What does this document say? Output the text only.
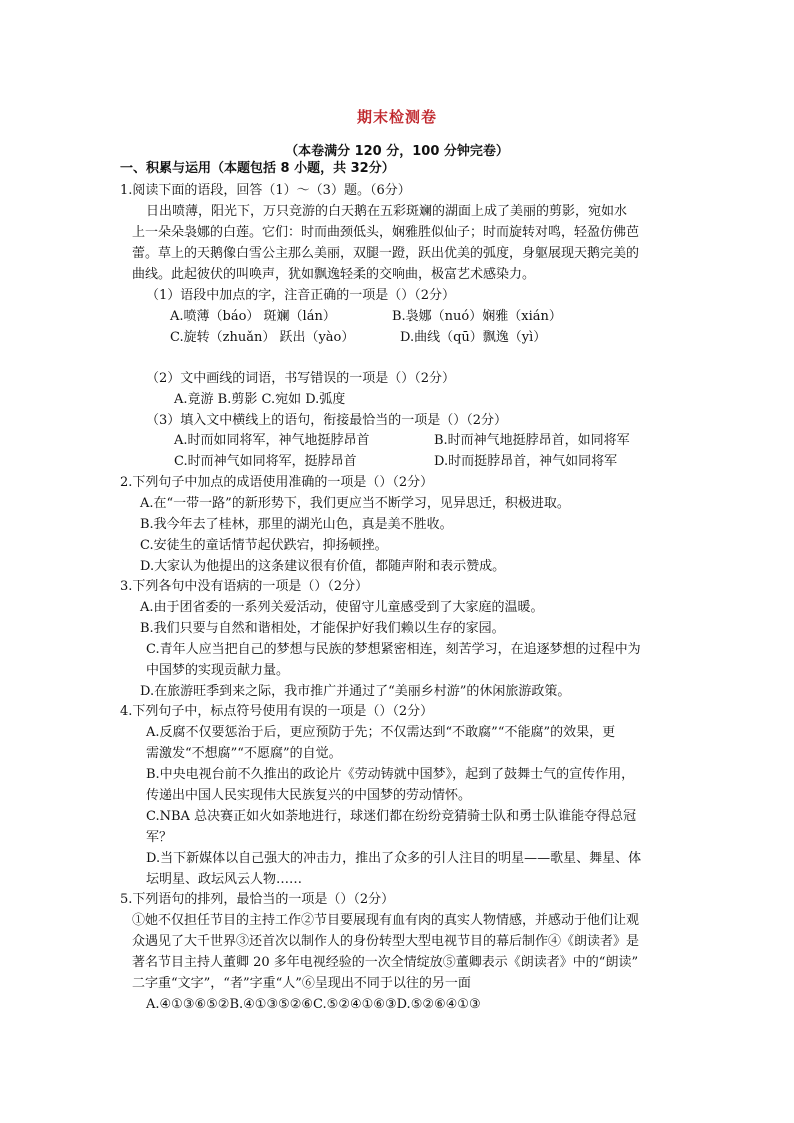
期末检测卷
（本卷满分 120 分，100 分钟完卷）
一、积累与运用（本题包括 8 小题，共 32分）
1.阅读下面的语段，回答（1）～（3）题。（6分）
日出喷薄，阳光下，万只竞游的白天鹅在五彩斑斓的湖面上成了美丽的剪影，宛如水
上一朵朵袅娜的白莲。它们：时而曲颈低头，娴雅胜似仙子；时而旋转对鸣，轻盈仿佛芭
蕾。草上的天鹅像白雪公主那么美丽，双腿一蹬，跃出优美的弧度，身躯展现天鹅完美的
曲线。此起彼伏的叫唤声，犹如飘逸轻柔的交响曲，极富艺术感染力。
（1）语段中加点的字，注音正确的一项是（）（2分）
A.喷薄（báo） 斑斓（lán）	B.袅娜（nuó）娴雅（xián）
C.旋转（zhuǎn） 跃出（yào）	D.曲线（qū）飘逸（yì）
（2）文中画线的词语，书写错误的一项是（）（2分）
A.竟游 B.剪影 C.宛如 D.弧度
（3）填入文中横线上的语句，衔接最恰当的一项是（）（2分）
A.时而如同将军，神气地挺脖昂首	B.时而神气地挺脖昂首，如同将军
C.时而神气如同将军，挺脖昂首	D.时而挺脖昂首，神气如同将军
2.下列句子中加点的成语使用准确的一项是（）（2分）
A.在“一带一路”的新形势下，我们更应当不断学习，见异思迁，积极进取。
B.我今年去了桂林，那里的湖光山色，真是美不胜收。
C.安徒生的童话情节起伏跌宕，抑扬顿挫。
D.大家认为他提出的这条建议很有价值，都随声附和表示赞成。
3.下列各句中没有语病的一项是（）（2分）
A.由于团省委的一系列关爱活动，使留守儿童感受到了大家庭的温暖。
B.我们只要与自然和谐相处，才能保护好我们赖以生存的家园。
C.青年人应当把自己的梦想与民族的梦想紧密相连，刻苦学习，在追逐梦想的过程中为
中国梦的实现贡献力量。
D.在旅游旺季到来之际，我市推广并通过了“美丽乡村游”的休闲旅游政策。
4.下列句子中，标点符号使用有误的一项是（）（2分）
A.反腐不仅要惩治于后，更应预防于先；不仅需达到“不敢腐”“不能腐”的效果，更
需激发“不想腐”“不愿腐”的自觉。
B.中央电视台前不久推出的政论片《劳动铸就中国梦》，起到了鼓舞士气的宣传作用，
传递出中国人民实现伟大民族复兴的中国梦的劳动情怀。
C.NBA 总决赛正如火如荼地进行，球迷们都在纷纷竞猜骑士队和勇士队谁能夺得总冠
军？
D.当下新媒体以自己强大的冲击力，推出了众多的引人注目的明星——歌星、舞星、体
坛明星、政坛风云人物……
5.下列语句的排列，最恰当的一项是（）（2分）
①她不仅担任节目的主持工作②节目要展现有血有肉的真实人物情感，并感动于他们让观
众遇见了大千世界③还首次以制作人的身份转型大型电视节目的幕后制作④《朗读者》是
著名节目主持人董卿 20 多年电视经验的一次全情绽放⑤董卿表示《朗读者》中的“朗读”
二字重“文字”，“者”字重“人”⑥呈现出不同于以往的另一面
A.④①③⑥⑤②B.④①③⑤②⑥C.⑤②④①⑥③D.⑤②⑥④①③
